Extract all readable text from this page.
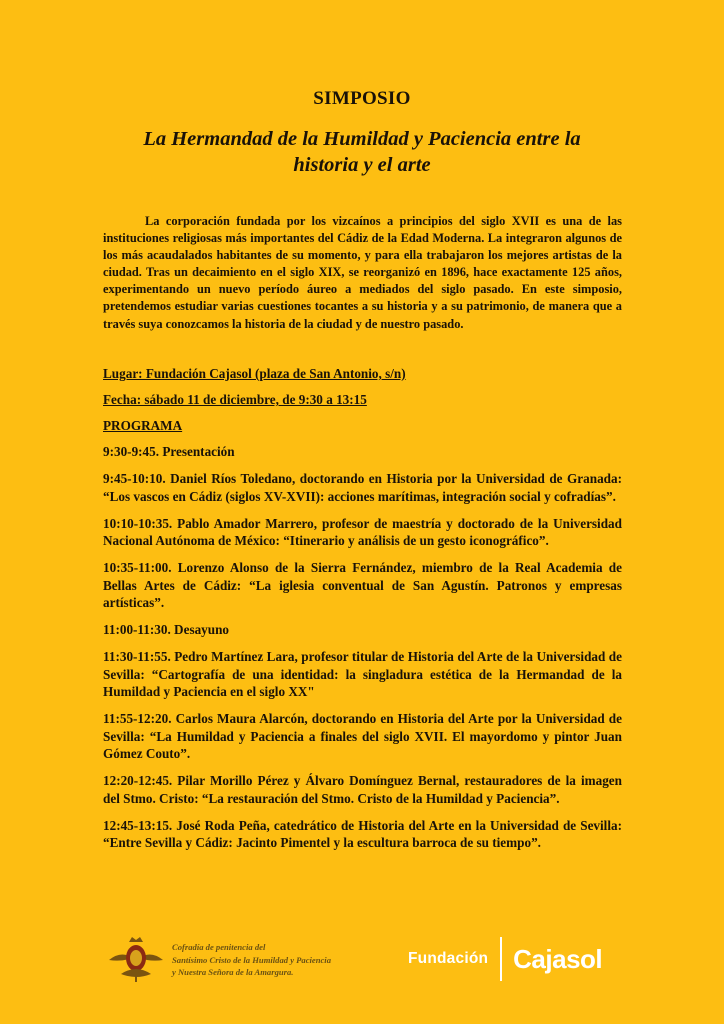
SIMPOSIO
La Hermandad de la Humildad y Paciencia entre la historia y el arte
La corporación fundada por los vizcaínos a principios del siglo XVII es una de las instituciones religiosas más importantes del Cádiz de la Edad Moderna. La integraron algunos de los más acaudalados habitantes de su momento, y para ella trabajaron los mejores artistas de la ciudad. Tras un decaimiento en el siglo XIX, se reorganizó en 1896, hace exactamente 125 años, experimentando un nuevo período áureo a mediados del siglo pasado. En este simposio, pretendemos estudiar varias cuestiones tocantes a su historia y a su patrimonio, de manera que a través suya conozcamos la historia de la ciudad y de nuestro pasado.
Lugar: Fundación Cajasol (plaza de San Antonio, s/n)
Fecha: sábado 11 de diciembre, de 9:30 a 13:15
PROGRAMA

9:30-9:45. Presentación

9:45-10:10. Daniel Ríos Toledano, doctorando en Historia por la Universidad de Granada: “Los vascos en Cádiz (siglos XV-XVII): acciones marítimas, integración social y cofradías”.

10:10-10:35. Pablo Amador Marrero, profesor de maestría y doctorado de la Universidad Nacional Autónoma de México: “Itinerario y análisis de un gesto iconográfico”.

10:35-11:00. Lorenzo Alonso de la Sierra Fernández, miembro de la Real Academia de Bellas Artes de Cádiz: “La iglesia conventual de San Agustín. Patronos y empresas artísticas”.

11:00-11:30. Desayuno

11:30-11:55. Pedro Martínez Lara, profesor titular de Historia del Arte de la Universidad de Sevilla: “Cartografía de una identidad: la singladura estética de la Hermandad de la Humildad y Paciencia en el siglo XX"

11:55-12:20. Carlos Maura Alarcón, doctorando en Historia del Arte por la Universidad de Sevilla: “La Humildad y Paciencia a finales del siglo XVII. El mayordomo y pintor Juan Gómez Couto”.

12:20-12:45. Pilar Morillo Pérez y Álvaro Domínguez Bernal, restauradores de la imagen del Stmo. Cristo: “La restauración del Stmo. Cristo de la Humildad y Paciencia”.

12:45-13:15. José Roda Peña, catedrático de Historia del Arte en la Universidad de Sevilla: “Entre Sevilla y Cádiz: Jacinto Pimentel y la escultura barroca de su tiempo”.

Cofradía de penitencia del
Santísimo Cristo de la Humildad y Paciencia
y Nuestra Señora de la Amargura.
Fundación Cajasol
